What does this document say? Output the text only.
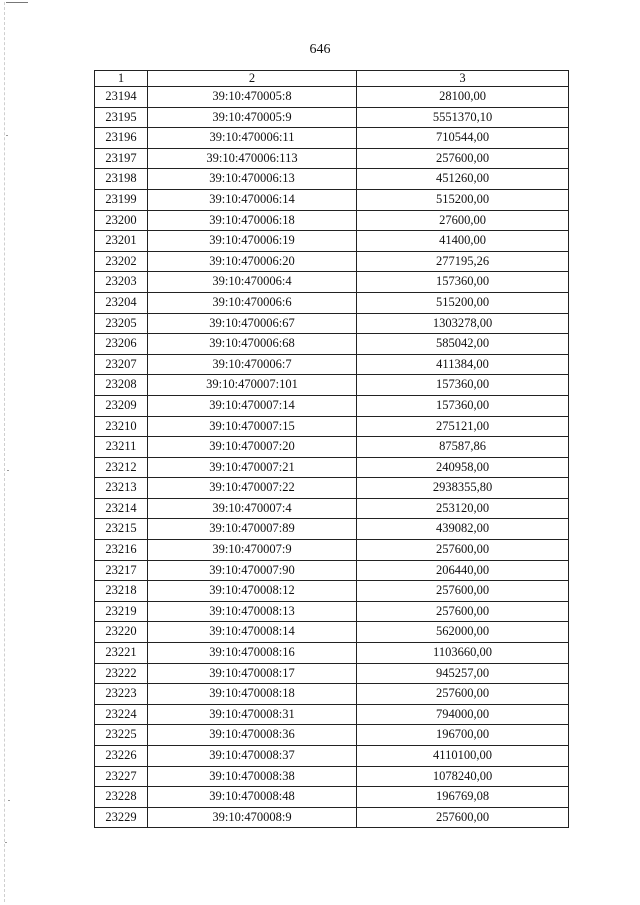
646
1	2	3
23194	39:10:470005:8	28100,00
23195	39:10:470005:9	5551370,10
23196	39:10:470006:11	710544,00
23197	39:10:470006:113	257600,00
23198	39:10:470006:13	451260,00
23199	39:10:470006:14	515200,00
23200	39:10:470006:18	27600,00
23201	39:10:470006:19	41400,00
23202	39:10:470006:20	277195,26
23203	39:10:470006:4	157360,00
23204	39:10:470006:6	515200,00
23205	39:10:470006:67	1303278,00
23206	39:10:470006:68	585042,00
23207	39:10:470006:7	411384,00
23208	39:10:470007:101	157360,00
23209	39:10:470007:14	157360,00
23210	39:10:470007:15	275121,00
23211	39:10:470007:20	87587,86
23212	39:10:470007:21	240958,00
23213	39:10:470007:22	2938355,80
23214	39:10:470007:4	253120,00
23215	39:10:470007:89	439082,00
23216	39:10:470007:9	257600,00
23217	39:10:470007:90	206440,00
23218	39:10:470008:12	257600,00
23219	39:10:470008:13	257600,00
23220	39:10:470008:14	562000,00
23221	39:10:470008:16	1103660,00
23222	39:10:470008:17	945257,00
23223	39:10:470008:18	257600,00
23224	39:10:470008:31	794000,00
23225	39:10:470008:36	196700,00
23226	39:10:470008:37	4110100,00
23227	39:10:470008:38	1078240,00
23228	39:10:470008:48	196769,08
23229	39:10:470008:9	257600,00
